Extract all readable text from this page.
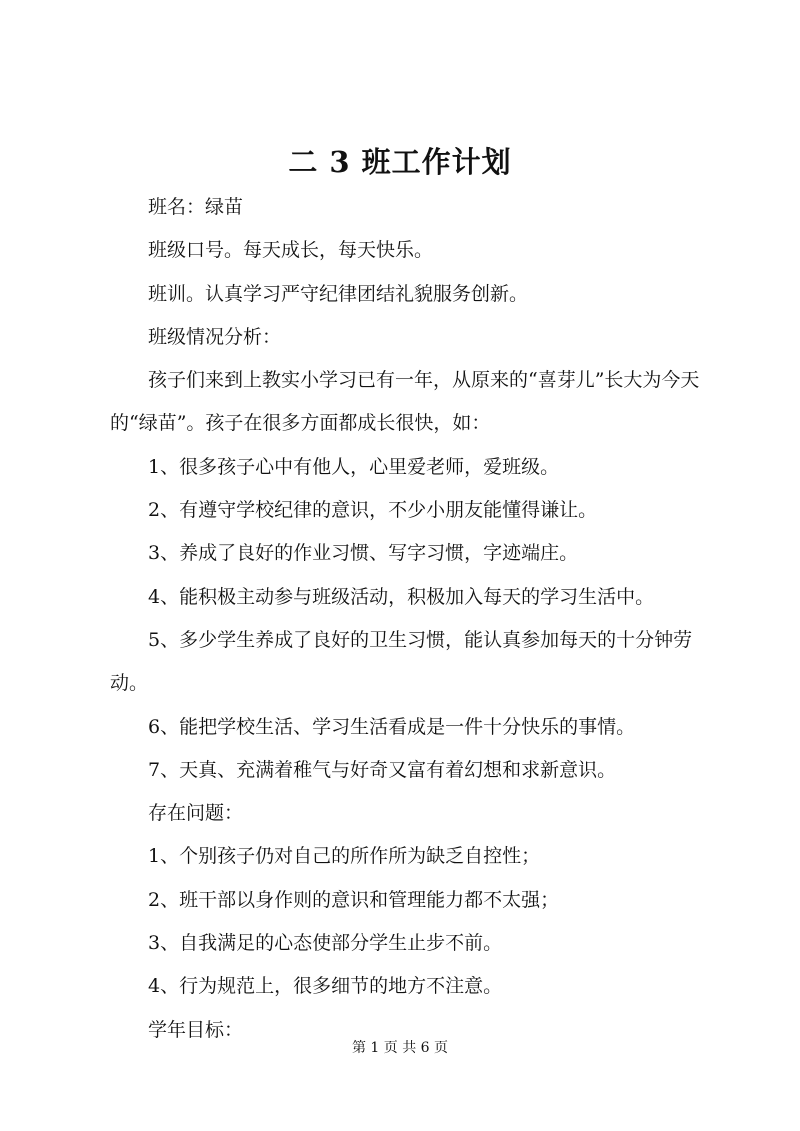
二 3 班工作计划

班名：绿苗

班级口号。每天成长，每天快乐。

班训。认真学习严守纪律团结礼貌服务创新。

班级情况分析：

孩子们来到上教实小学习已有一年，从原来的“喜芽儿”长大为今天的“绿苗”。孩子在很多方面都成长很快，如：

1、很多孩子心中有他人，心里爱老师，爱班级。

2、有遵守学校纪律的意识，不少小朋友能懂得谦让。

3、养成了良好的作业习惯、写字习惯，字迹端庄。

4、能积极主动参与班级活动，积极加入每天的学习生活中。

5、多少学生养成了良好的卫生习惯，能认真参加每天的十分钟劳动。

6、能把学校生活、学习生活看成是一件十分快乐的事情。

7、天真、充满着稚气与好奇又富有着幻想和求新意识。

存在问题：

1、个别孩子仍对自己的所作所为缺乏自控性；

2、班干部以身作则的意识和管理能力都不太强；

3、自我满足的心态使部分学生止步不前。

4、行为规范上，很多细节的地方不注意。

学年目标：

第 1 页 共 6 页
